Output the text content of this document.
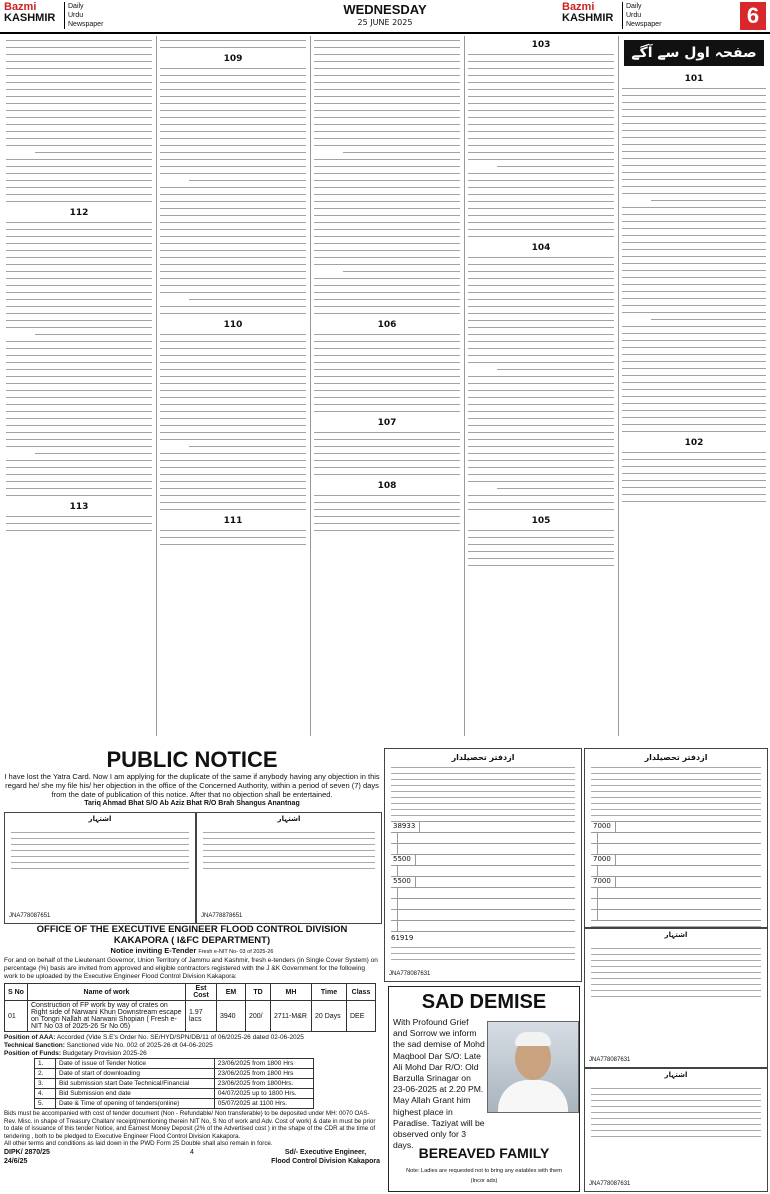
Bazmi
KASHMIR
Daily
Urdu Newspaper
WEDNESDAY
25 JUNE 2025
Bazmi
KASHMIR
Daily
Urdu Newspaper	6
112
113
109
110
111
106
107
108
103
104
105
101
102
صفحہ اول سے آگے
PUBLIC NOTICE
I have lost the Yatra Card. Now I am applying for the duplicate of the same if anybody having any objection in this regard he/ she my file his/ her objection in the office of the Concerned Authority, within a period of seven (7) days from the date of publication of this notice. After that no objection shall be entertained.
Tariq Ahmad Bhat S/O Ab Aziz Bhat R/O Brah Shangus Anantnag
اشتہار
JNA778087651
اشتہار
JNA778878651
OFFICE OF THE EXECUTIVE ENGINEER FLOOD CONTROL DIVISION
KAKAPORA ( I&FC DEPARTMENT)
Notice inviting E-Tender Fresh e-NIT No- 03 of 2025-26
For and on behalf of the Lieutenant Governor, Union Territory of Jammu and Kashmir, fresh e-tenders (in Single Cover System) on percentage (%) basis are invited from approved and eligible contractors registered with the J &K Government for the following work to be uploaded by the Executive Engineer Flood Control Division Kakapora:
S No	Name of work	Est Cost	EM	TD	MH	Time	Class
01	Construction of FP work by way of crates on Right side of Narwani Khun Downstream escape on Tongri Nallah at Narwani Shopian ( Fresh e-NIT No 03 of 2025-26 Sr No 05)	1.97 lacs	3940	200/	2711-M&R	20 Days	DEE
Position of AAA: Accorded (Vide S.E's Order No. SE/HYD/SPN/DB/11 of 06/2025-26 dated 02-06-2025
Technical Sanction: Sanctioned vide No. 002 of 2025-26 dt 04-06-2025
Position of Funds: Budgetary Provision 2025-26
1.	Date of issue of Tender Notice	23/06/2025 from 1800 Hrs
2.	Date of start of downloading	23/06/2025 from 1800 Hrs
3.	Bid submission start Date Technical/Financial	23/06/2025 from 1800Hrs.
4.	Bid Submission end date	04/07/2025 up to 1800 Hrs.
5.	Date & Time of opening of tenders(online)	05/07/2025 at 1100 Hrs.
Bids must be accompanied with cost of tender document (Non - Refundable/ Non transferable) to be deposited under MH: 0070 OAS-Rev. Misc. in shape of Treasury Challan/ receipt(mentioning therein NIT No, S No of work and Adv. Cost of work) & date in must be prior to date of issuance of this tender Notice, and Earnest Money Deposit (2% of the Advertised cost ) in the shape of the CDR at the time of tendering , both to be pledged to Executive Engineer Flood Control Division Kakapora.
All other terms and conditions as laid down in the PWD Form 25 Double shall also remain in force.
DIPK/ 2870/25
24/6/25
4	Sd/- Executive Engineer,
Flood Control Division Kakapora
ازدفتر تحصیلدار
38933
5500
5500
61919
JNA778087631
SAD DEMISE
With Profound Grief and Sorrow we inform the sad demise of Mohd Maqbool Dar S/O: Late Ali Mohd Dar R/O: Old Barzulla Srinagar on 23-06-2025 at 2.20 PM. May Allah Grant him highest place in Paradise. Taziyat will be observed only for 3 days. BEREAVED FAMILY
Note: Ladies are requested not to bring any eatables with them
(Incor ads)
ازدفتر تحصیلدار
7000
7000
7000
اشتہار
JNA778087631
اشتہار
JNA778087631
